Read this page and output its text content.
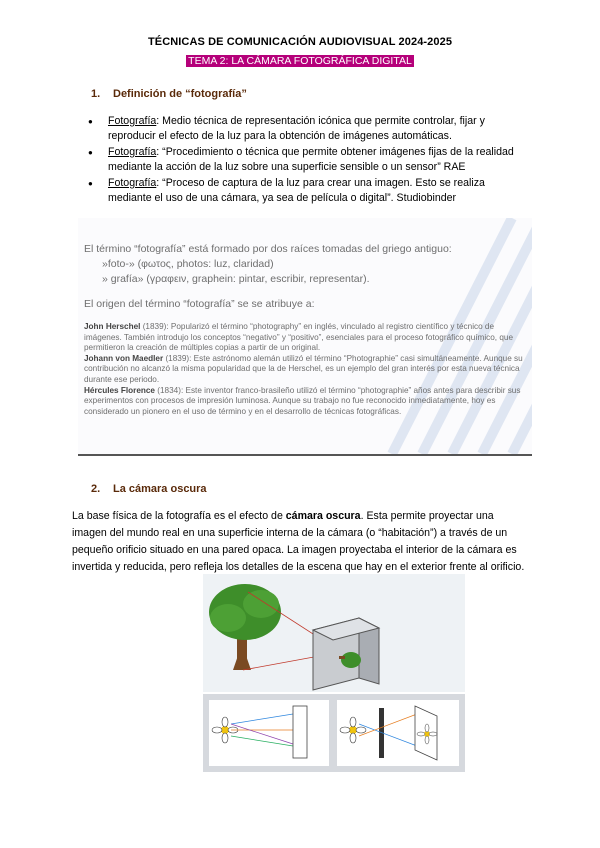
TÉCNICAS DE COMUNICACIÓN AUDIOVISUAL 2024-2025
TEMA 2: LA CÁMARA FOTOGRÁFICA DIGITAL
1. Definición de “fotografía”
● Fotografía: Medio técnica de representación icónica que permite controlar, fijar y reproducir el efecto de la luz para la obtención de imágenes automáticas.
● Fotografía: “Procedimiento o técnica que permite obtener imágenes fijas de la realidad mediante la acción de la luz sobre una superficie sensible o un sensor” RAE
● Fotografía: “Proceso de captura de la luz para crear una imagen. Esto se realiza mediante el uso de una cámara, ya sea de película o digital”. Studiobinder
El término “fotografía” está formado por dos raíces tomadas del griego antiguo:
»foto-» (φωτος, photos: luz, claridad)
» grafía» (γραφειν, graphein: pintar, escribir, representar).
El origen del término “fotografía” se se atribuye a:
John Herschel (1839): Popularizó el término “photography” en inglés, vinculado al registro científico y técnico de imágenes. También introdujo los conceptos “negativo” y “positivo”, esenciales para el proceso fotográfico químico, que permitieron la creación de múltiples copias a partir de un original.
Johann von Maedler (1839): Este astrónomo alemán utilizó el término “Photographie” casi simultáneamente. Aunque su contribución no alcanzó la misma popularidad que la de Herschel, es un ejemplo del gran interés por esta nueva técnica durante ese periodo.
Hércules Florence (1834): Este inventor franco-brasileño utilizó el término “photographie” años antes para describir sus experimentos con procesos de impresión luminosa. Aunque su trabajo no fue reconocido inmediatamente, hoy es considerado un pionero en el uso de término y en el desarrollo de técnicas fotográficas.
2. La cámara oscura
La base física de la fotografía es el efecto de cámara oscura. Esta permite proyectar una imagen del mundo real en una superficie interna de la cámara (o “habitación”) a través de un pequeño orificio situado en una pared opaca. La imagen proyectaba el interior de la cámara es invertida y reducida, pero refleja los detalles de la escena que hay en el exterior frente al orificio.
